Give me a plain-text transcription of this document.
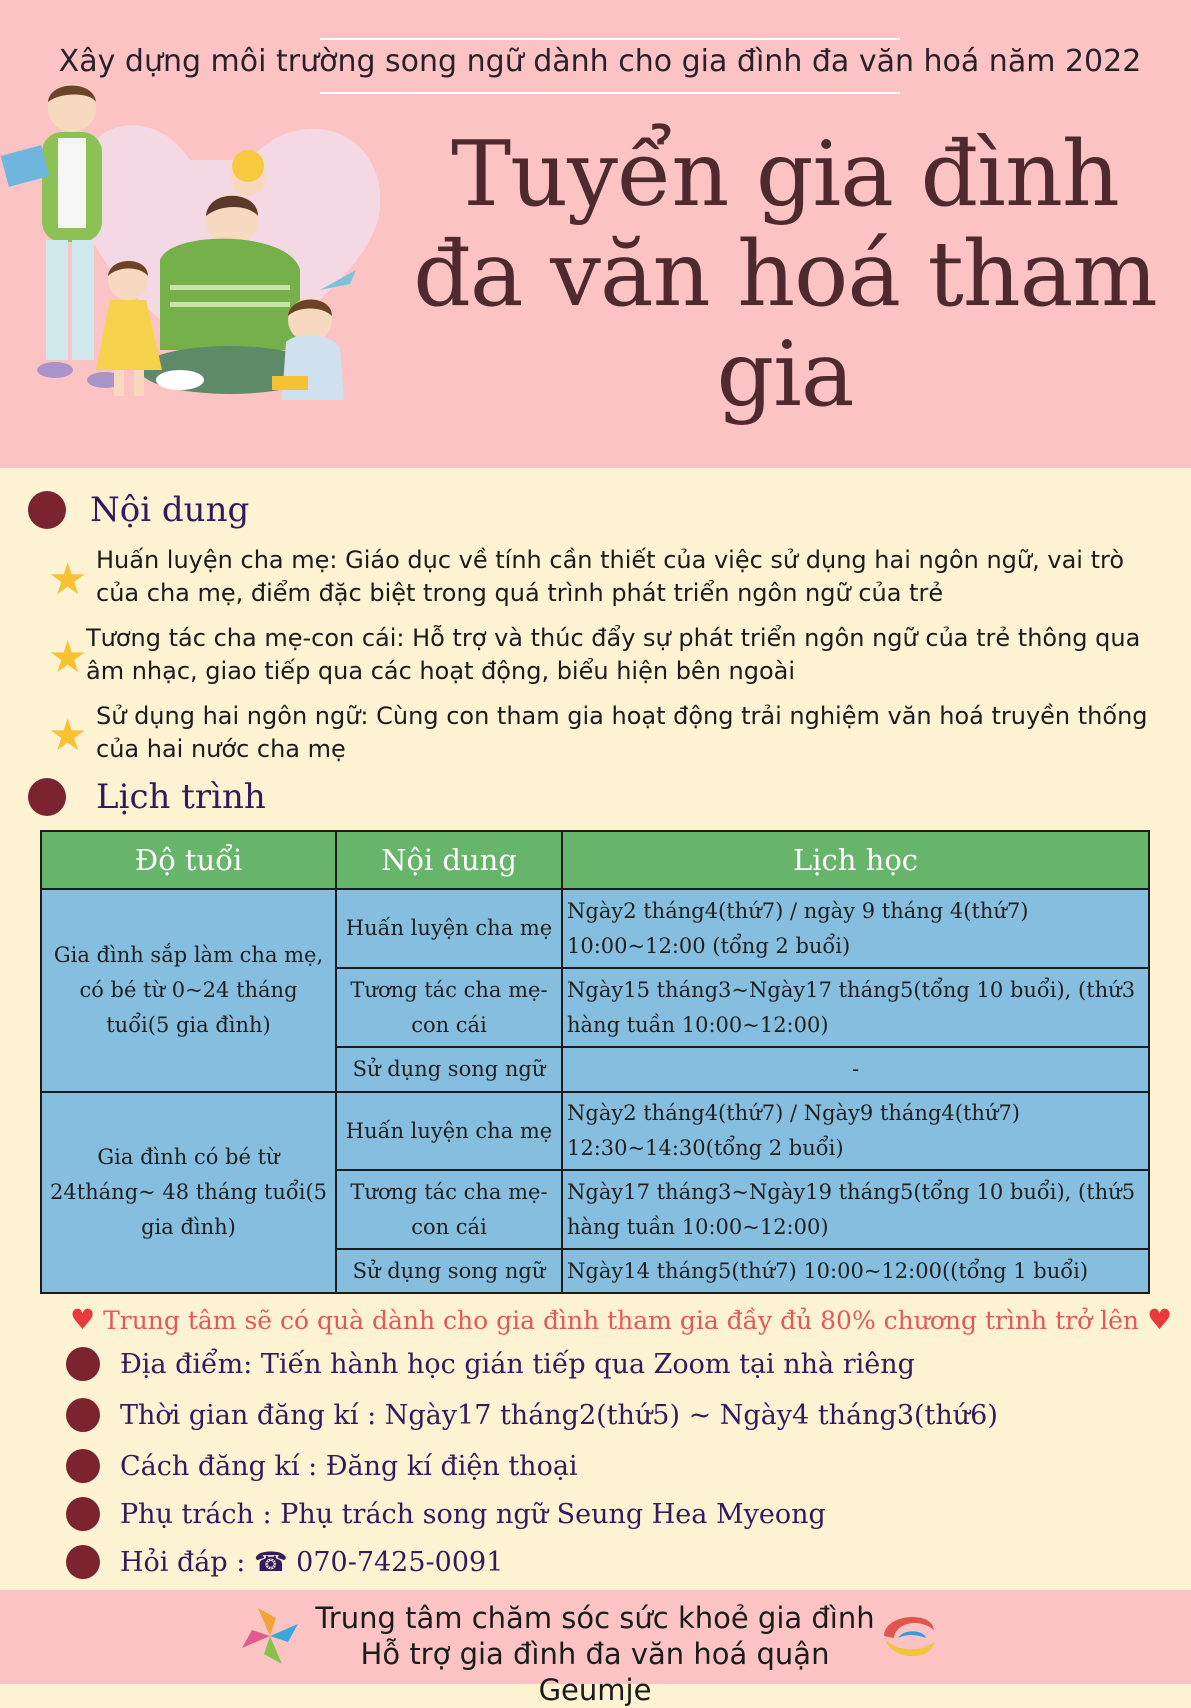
Xây dựng môi trường song ngữ dành cho gia đình đa văn hoá năm 2022
Tuyển gia đình
đa văn hoá tham gia
Nội dung
★ Huấn luyện cha mẹ: Giáo dục về tính cần thiết của việc sử dụng hai ngôn ngữ, vai trò của cha mẹ, điểm đặc biệt trong quá trình phát triển ngôn ngữ của trẻ
★
Tương tác cha mẹ-con cái: Hỗ trợ và thúc đẩy sự phát triển ngôn ngữ của trẻ thông qua âm nhạc, giao tiếp qua các hoạt động, biểu hiện bên ngoài
★ Sử dụng hai ngôn ngữ: Cùng con tham gia hoạt động trải nghiệm văn hoá truyền thống của hai nước cha mẹ
Lịch trình
Độ tuổi	Nội dung	Lịch học
Gia đình sắp làm cha mẹ, có bé từ 0~24 tháng tuổi(5 gia đình)	Huấn luyện cha mẹ	Ngày2 tháng4(thứ7) / ngày 9 tháng 4(thứ7) 10:00~12:00 (tổng 2 buổi)
	Tương tác cha mẹ-con cái	Ngày15 tháng3~Ngày17 tháng5(tổng 10 buổi), (thứ3 hàng tuần 10:00~12:00)
	Sử dụng song ngữ	-
Gia đình có bé từ 24tháng~ 48 tháng tuổi(5 gia đình)	Huấn luyện cha mẹ	Ngày2 tháng4(thứ7) / Ngày9 tháng4(thứ7) 12:30~14:30(tổng 2 buổi)
	Tương tác cha mẹ-con cái	Ngày17 tháng3~Ngày19 tháng5(tổng 10 buổi), (thứ5 hàng tuần 10:00~12:00)
	Sử dụng song ngữ	Ngày14 tháng5(thứ7) 10:00~12:00((tổng 1 buổi)
♥ Trung tâm sẽ có quà dành cho gia đình tham gia đầy đủ 80% chương trình trở lên ♥
Địa điểm: Tiến hành học gián tiếp qua Zoom tại nhà riêng
Thời gian đăng kí : Ngày17 tháng2(thứ5) ~ Ngày4 tháng3(thứ6)
Cách đăng kí : Đăng kí điện thoại
Phụ trách : Phụ trách song ngữ Seung Hea Myeong
Hỏi đáp : ☎ 070-7425-0091
Trung tâm chăm sóc sức khoẻ gia đình
Hỗ trợ gia đình đa văn hoá quận Geumje
